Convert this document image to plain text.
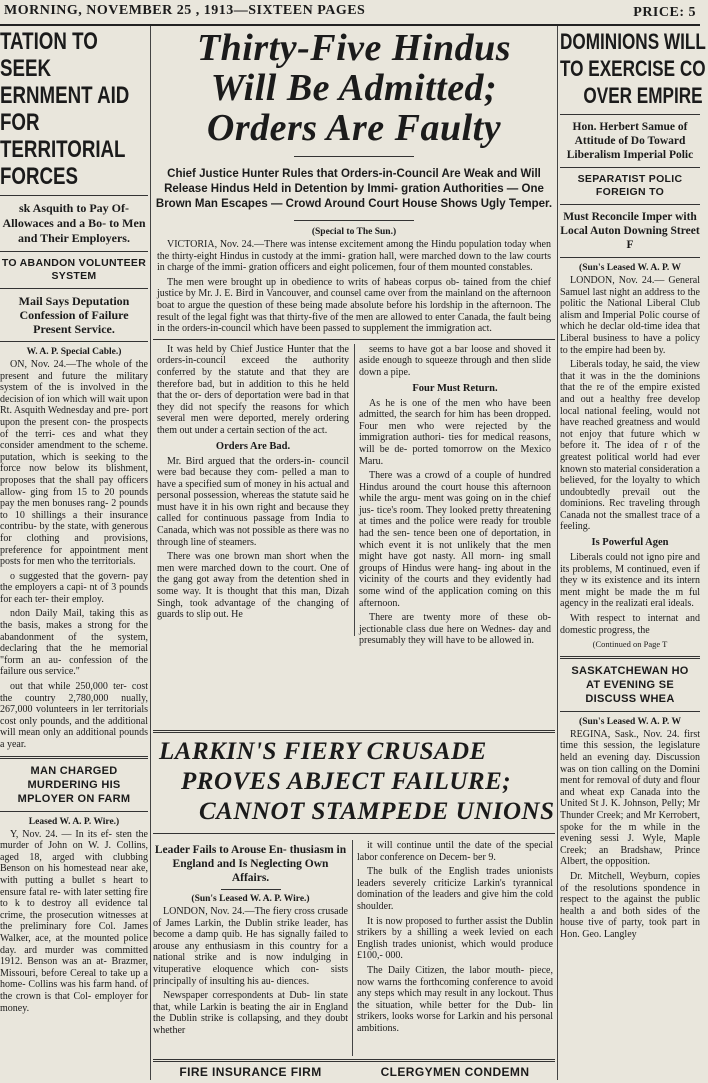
MORNING, NOVEMBER 25 , 1913—SIXTEEN PAGES	PRICE: 5
TATION TO SEEK
ERNMENT AID FOR
TERRITORIAL FORCES
sk Asquith to Pay Of- Allowaces and a Bo- to Men and Their Employers.
TO ABANDON VOLUNTEER SYSTEM
Mail Says Deputation Confession of Failure Present Service.
W. A. P. Special Cable.)

ON, Nov. 24.—The whole of the present and future the military system of the is involved in the decision of ion which will wait upon Rt. Asquith Wednesday and pre- port upon the present con- the prospects of the terri- ces and what they consider amendment to the scheme. putation, which is seeking to the force now below its blishment, proposes that the shall pay officers allow- ging from 15 to 20 pounds pay the men bonuses rang- 2 pounds to 10 shillings a their insurance contribu- by the state, with generous for clothing and provisions, preference for appointment ment posts for men who the territorials.

o suggested that the govern- pay the employers a capi- nt of 3 pounds for each ter- their employ.

ndon Daily Mail, taking this as the basis, makes a strong for the abandonment of the system, declaring that the he memorial "form an au- confession of the failure ous service."

out that while 250,000 ter- cost the country 2,780,000 nually, 267,000 volunteers in ler territorials cost only pounds, and the additional will mean only an additional pounds a year.

MAN CHARGED MURDERING HIS MPLOYER ON FARM
Leased W. A. P. Wire.)

Y, Nov. 24. — In its ef- sten the murder of John on W. J. Collins, aged 18, arged with clubbing Benson on his homestead near ake, with putting a bullet s heart to ensure fatal re- with later setting fire to k to destroy all evidence tal crime, the prosecution witnesses at the preliminary fore Col. James Walker, ace, at the mounted police day. ard murder was committed 1912. Benson was an at- Brazmer, Missouri, before Cereal to take up a home- Collins was his farm hand. of the crown is that Col- employer for money.

Thirty-Five Hindus
Will Be Admitted;
Orders Are Faulty
Chief Justice Hunter Rules that Orders-in-Council Are Weak and Will Release Hindus Held in Detention by Immi- gration Authorities — One Brown Man Escapes — Crowd Around Court House Shows Ugly Temper.
(Special to The Sun.)

VICTORIA, Nov. 24.—There was intense excitement among the Hindu population today when the thirty-eight Hindus in custody at the immi- gration hall, were marched down to the law courts in charge of the immi- gration officers and eight policemen, four of them mounted constables.

The men were brought up in obedience to writs of habeas corpus ob- tained from the chief justice by Mr. J. E. Bird in Vancouver, and counsel came over from the mainland on the afternoon boat to argue the question of these being made absolute before his lordship in the afternoon. The result of the legal fight was that thirty-five of the men are allowed to enter Canada, the fault being in the orders-in-council which have been passed to supplement the immigration act.

It was held by Chief Justice Hunter that the orders-in-council exceed the authority conferred by the statute and that they are therefore bad, but in addition to this he held that the or- ders of deportation were bad in that they did not specify the reasons for which several men were deported, merely ordering them out under a certain section of the act.

Orders Are Bad.

Mr. Bird argued that the orders-in- council were bad because they com- pelled a man to have a specified sum of money in his actual and personal possession, whereas the statute said he must have it in his own right and because they called for continuous passage from India to Canada, which was not possible as there was no through line of steamers.

There was one brown man short when the men were marched down to the court. One of the gang got away from the detention shed in some way. It is thought that this man, Dizah Singh, took advantage of the changing of guards to slip out. He

seems to have got a bar loose and shoved it aside enough to squeeze through and then slide down a pipe.

Four Must Return.

As he is one of the men who have been admitted, the search for him has been dropped. Four men who were rejected by the immigration authori- ties for medical reasons, will be de- ported tomorrow on the Mexico Maru.

There was a crowd of a couple of hundred Hindus around the court house this afternoon while the argu- ment was going on in the chief jus- tice's room. They looked pretty threatening at times and the police were ready for trouble had the sen- tence been one of deportation, in which event it is not unlikely that the men might have got nasty. All morn- ing small groups of Hindus were hang- ing about in the vicinity of the courts and they evidently had some wind of the application coming on this afternoon.

There are twenty more of these ob- jectionable class due here on Wednes- day and presumably they will have to be allowed in.

LARKIN'S FIERY CRUSADE
PROVES ABJECT FAILURE;
CANNOT STAMPEDE UNIONS
Leader Fails to Arouse En- thusiasm in England and Is Neglecting Own Affairs.
(Sun's Leased W. A. P. Wire.)

LONDON, Nov. 24.—The fiery cross crusade of James Larkin, the Dublin strike leader, has become a damp quib. He has signally failed to arouse any enthusiasm in this country for a national strike and is now indulging in vituperative eloquence which con- sists principally of insulting his au- diences.

Newspaper correspondents at Dub- lin state that, while Larkin is beating the air in England the Dublin strike is collapsing, and they doubt whether

it will continue until the date of the special labor conference on Decem- ber 9.

The bulk of the English trades unionists leaders severely criticize Larkin's tyrannical domination of the leaders and give him the cold shoulder.

It is now proposed to further assist the Dublin strikers by a shilling a week levied on each English trades unionist, which would produce £100,- 000.

The Daily Citizen, the labor mouth- piece, now warns the forthcoming conference to avoid any steps which may result in any lockout. Thus the situation, while better for the Dub- lin strikers, looks worse for Larkin and his personal ambitions.

FIRE INSURANCE FIRM	CLERGYMEN CONDEMN
DOMINIONS WILL
TO EXERCISE CO
OVER EMPIRE
Hon. Herbert Samue of Attitude of Do Toward Liberalism Imperial Polic
SEPARATIST POLIC FOREIGN TO
Must Reconcile Imper with Local Auton Downing Street F
(Sun's Leased W. A. P. W

LONDON, Nov. 24.— General Samuel last night an address to the politic the National Liberal Club alism and Imperial Polic course of which he declar old-time idea that Liberal business to have a policy to the empire had been by.

Liberals today, he said, the view that it was in the the dominions that the re of the empire existed and out a healthy free develop local national feeling, would not have reached greatness and would not enjoy that future which w before it. The idea of r of the greatest political world had ever known sto material consideration a believed, for the loyalty to which undoubtedly prevail out the dominions. Rec traveling through Canada not the smallest trace of a feeling.

Is Powerful Agen

Liberals could not igno pire and its problems, M continued, even if they w its existence and its intern ment might be made the m ful agency in the realizati eral ideals.

With respect to internat and domestic progress, the

(Continued on Page T
SASKATCHEWAN HO
AT EVENING SE
DISCUSS WHEA
(Sun's Leased W. A. P. W

REGINA, Sask., Nov. 24. first time this session, the legislature held an evening day. Discussion was on tion calling on the Domini ment for removal of duty and flour and wheat exp Canada into the United St J. K. Johnson, Pelly; Mr Thunder Creek; and Mr Kerrobert, spoke for the m while in the evening sessi J. Wyle, Maple Creek; an Bradshaw, Prince Albert, the opposition.

Dr. Mitchell, Weyburn, copies of the resolutions spondence in respect to the against the public health a and both sides of the house tive of party, took part in Hon. Geo. Langley
